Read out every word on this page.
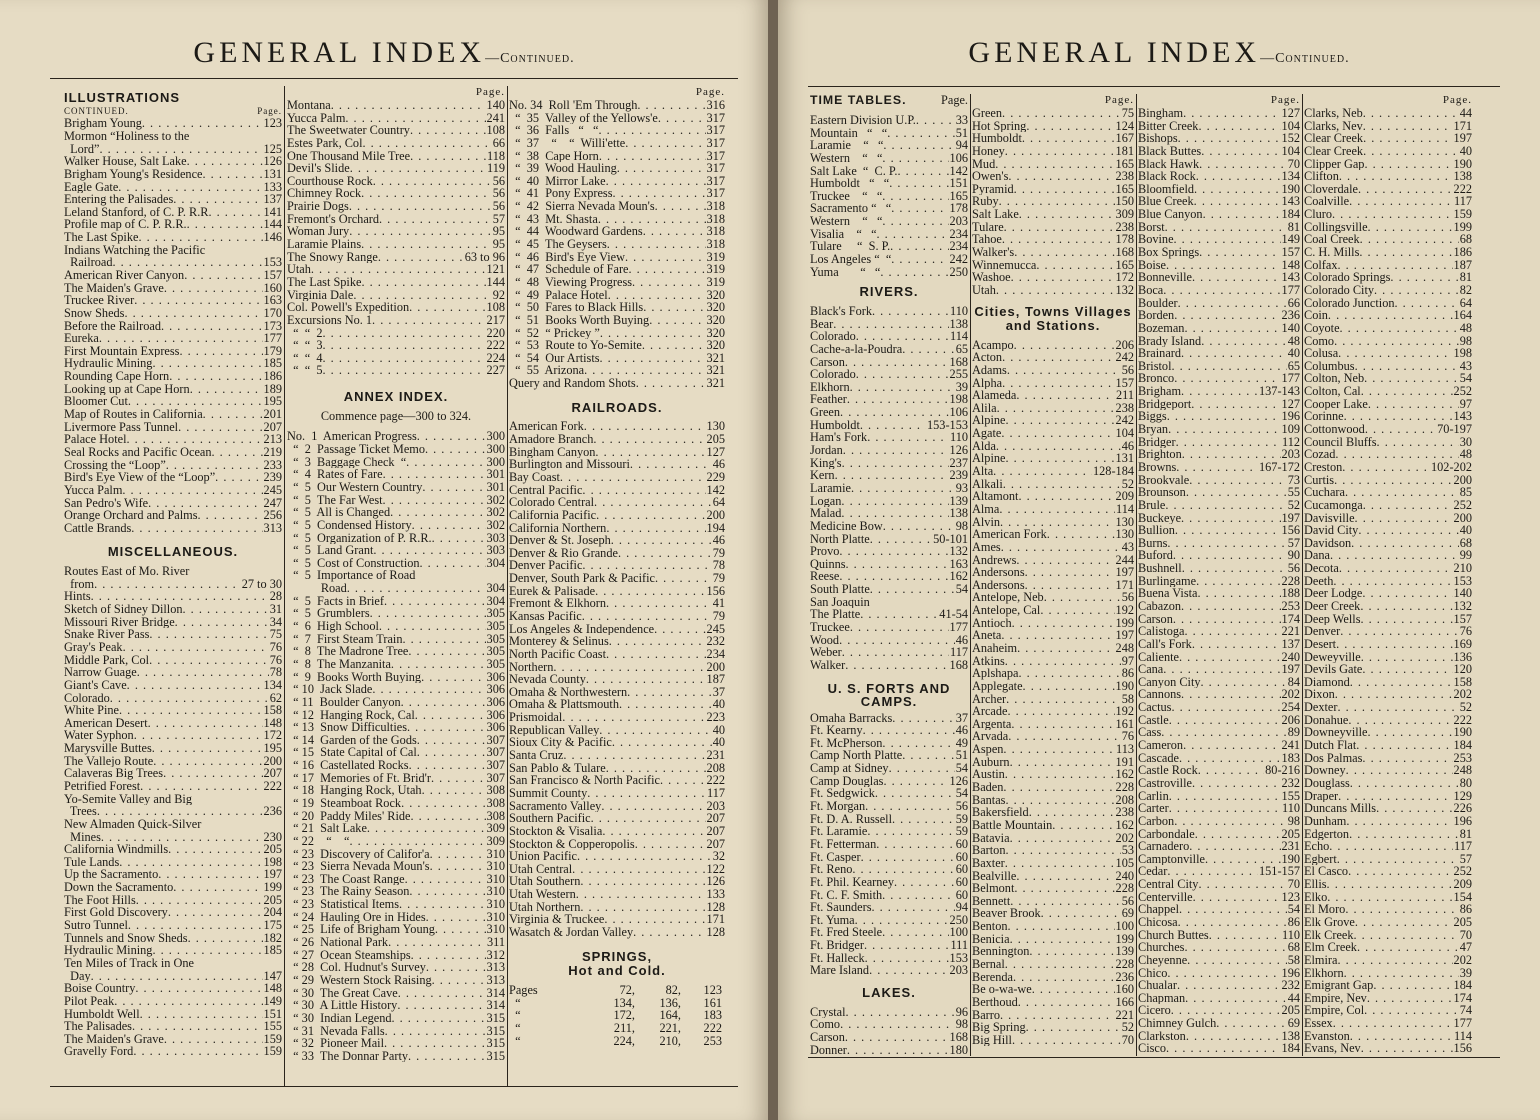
GENERAL INDEX—Continued.
ILLUSTRATIONS
CONTINUED.	Page.
Brigham Young . . .	123
Mormon “Holiness to the
Lord” . . .	125
Walker House, Salt Lake . . .	126
Brigham Young's Residence . . .	131
Eagle Gate . . .	133
Entering the Palisades . . .	137
Leland Stanford, of C. P. R.R . . .	141
Profile map of C. P. R.R. . . .	144
The Last Spike . . .	146
Indians Watching the Pacific
Railroad . . .	153
American River Canyon . . .	157
The Maiden's Grave . . .	160
Truckee River . . .	163
Snow Sheds . . .	170
Before the Railroad . . .	173
Eureka . . .	177
First Mountain Express . . .	179
Hydraulic Mining . . .	185
Rounding Cape Horn . . .	186
Looking up at Cape Horn . . .	189
Bloomer Cut . . .	195
Map of Routes in California . . .	201
Livermore Pass Tunnel . . .	207
Palace Hotel . . .	213
Seal Rocks and Pacific Ocean . . .	219
Crossing the “Loop” . . .	233
Bird's Eye View of the “Loop” . . .	239
Yucca Palm . . .	245
San Pedro's Wife . . .	247
Orange Orchard and Palms . . .	256
Cattle Brands . . .	313
MISCELLANEOUS.
Routes East of Mo. River
from . . .	27 to 30
Hints . . .	28
Sketch of Sidney Dillon . . .	31
Missouri River Bridge . . .	34
Snake River Pass . . .	75
Gray's Peak . . .	76
Middle Park, Col . . .	76
Narrow Guage . . .	78
Giant's Cave . . .	134
Colorado . . .	62
White Pine . . .	158
American Desert . . .	148
Water Syphon . . .	172
Marysville Buttes . . .	195
The Vallejo Route . . .	200
Calaveras Big Trees . . .	207
Petrified Forest . . .	222
Yo-Semite Valley and Big
Trees . . .	236
New Almaden Quick-Silver
Mines . . .	230
California Windmills . . .	205
Tule Lands . . .	198
Up the Sacramento . . .	197
Down the Sacramento . . .	199
The Foot Hills . . .	205
First Gold Discovery . . .	204
Sutro Tunnel . . .	175
Tunnels and Snow Sheds . . .	182
Hydraulic Mining . . .	185
Ten Miles of Track in One
Day . . .	147
Boise Country . . .	148
Pilot Peak . . .	149
Humboldt Well . . .	151
The Palisades . . .	155
The Maiden's Grave . . .	159
Gravelly Ford . . .	159
Page.
Montana . . .	140
Yucca Palm . . .	241
The Sweetwater Country . . .	108
Estes Park, Col . . .	66
One Thousand Mile Tree . . .	118
Devil's Slide . . .	119
Courthouse Rock . . .	56
Chimney Rock . . .	56
Prairie Dogs . . .	56
Fremont's Orchard . . .	57
Woman Jury . . .	95
Laramie Plains . . .	95
The Snowy Range . . .	63 to 96
Utah . . .	121
The Last Spike . . .	144
Virginia Dale . . .	92
Col. Powell's Expedition . . .	108
Excursions No. 1 . . .	217
“  “  2 . . .	220
“  “  3 . . .	222
“  “  4 . . .	224
“  “  5 . . .	227
ANNEX INDEX.
Commence page—300 to 324.
No.  1  American Progress . . .	300
“  2  Passage Ticket Memo . . .	300
“  3  Baggage Check  “ . . .	300
“  4  Rates of Fare . . .	301
“  5  Our Western Country . . .	301
“  5  The Far West . . .	302
“  5  All is Changed . . .	302
“  5  Condensed History . . .	302
“  5  Organization of P. R.R. . . .	303
“  5  Land Grant . . .	303
“  5  Cost of Construction . . .	304
“  5  Importance of Road
Road . . .	304
“  5  Facts in Brief . . .	304
“  5  Grumblers . . .	305
“  6  High School . . .	305
“  7  First Steam Train . . .	305
“  8  The Madrone Tree . . .	305
“  8  The Manzanita . . .	305
“  9  Books Worth Buying . . .	306
“ 10  Jack Slade . . .	306
“ 11  Boulder Canyon . . .	306
“ 12  Hanging Rock, Cal . . .	306
“ 13  Snow Difficulties . . .	306
“ 14  Garden of the Gods . . .	307
“ 15  State Capital of Cal . . .	307
“ 16  Castellated Rocks . . .	307
“ 17  Memories of Ft. Brid'r . . .	307
“ 18  Hanging Rock, Utah . . .	308
“ 19  Steamboat Rock . . .	308
“ 20  Paddy Miles' Ride . . .	308
“ 21  Salt Lake . . .	309
“ 22    “    “ . . .	309
“ 23  Discovery of Califor'a . . .	310
“ 23  Sierra Nevada Moun's . . .	310
“ 23  The Coast Range . . .	310
“ 23  The Rainy Season . . .	310
“ 23  Statistical Items . . .	310
“ 24  Hauling Ore in Hides . . .	310
“ 25  Life of Brigham Young . . .	310
“ 26  National Park . . .	311
“ 27  Ocean Steamships . . .	312
“ 28  Col. Hudnut's Survey . . .	313
“ 29  Western Stock Raising . . .	313
“ 30  The Great Cave . . .	314
“ 30  A Little History . . .	314
“ 30  Indian Legend . . .	315
“ 31  Nevada Falls . . .	315
“ 32  Pioneer Mail . . .	315
“ 33  The Donnar Party . . .	315
Page.
No. 34  Roll 'Em Through . . .	316
“  35  Valley of the Yellows'e . . .	317
“  36  Falls   “   “ . . .	317
“  37    “    “  Willi'ette . . .	317
“  38  Cape Horn . . .	317
“  39  Wood Hauling . . .	317
“  40  Mirror Lake . . .	317
“  41  Pony Express . . .	317
“  42  Sierra Nevada Moun's . . .	318
“  43  Mt. Shasta . . .	318
“  44  Woodward Gardens . . .	318
“  45  The Geysers . . .	318
“  46  Bird's Eye View . . .	319
“  47  Schedule of Fare . . .	319
“  48  Viewing Progress . . .	319
“  49  Palace Hotel . . .	320
“  50  Fares to Black Hills . . .	320
“  51  Books Worth Buying . . .	320
“  52  “ Prickey ” . . .	320
“  53  Route to Yo-Semite . . .	320
“  54  Our Artists . . .	321
“  55  Arizona . . .	321
Query and Random Shots . . .	321
RAILROADS.
American Fork . . .	130
Amadore Branch . . .	205
Bingham Canyon . . .	127
Burlington and Missouri . . .	46
Bay Coast . . .	229
Central Pacific . . .	142
Colorado Central . . .	64
California Pacific . . .	200
California Northern . . .	194
Denver & St. Joseph . . .	46
Denver & Rio Grande . . .	79
Denver Pacific . . .	78
Denver, South Park & Pacific . . .	79
Eurek & Palisade . . .	156
Fremont & Elkhorn . . .	41
Kansas Pacific . . .	79
Los Angeles & Independence . . .	245
Monterey & Selinus . . .	232
North Pacific Coast . . .	234
Northern . . .	200
Nevada County . . .	187
Omaha & Northwestern . . .	37
Omaha & Plattsmouth . . .	40
Prismoidal . . .	223
Republican Valley . . .	40
Sioux City & Pacific . . .	40
Santa Cruz . . .	231
San Pablo & Tulare . . .	208
San Francisco & North Pacific . . .	222
Summit County . . .	117
Sacramento Valley . . .	203
Southern Pacific . . .	207
Stockton & Visalia . . .	207
Stockton & Copperopolis . . .	207
Union Pacific . . .	32
Utah Central . . .	122
Utah Southern . . .	126
Utah Western . . .	133
Utah Northern . . .	128
Virginia & Truckee . . .	171
Wasatch & Jordan Valley . . .	128
SPRINGS,
Hot and Cold.
Pages	72,	82,	123
“	134,	136,	161
“	172,	164,	183
“	211,	221,	222
“	224,	210,	253
GENERAL INDEX—Continued.
TIME TABLES.	Page.
Eastern Division U.P. . . .	33
Mountain   “   “ . . .	51
Laramie    “   “ . . .	94
Western    “   “ . . .	106
Salt Lake  “  C. P. . . .	142
Humboldt   “   “ . . .	151
Truckee    “   “ . . .	165
Sacramento “   “ . . .	178
Western    “   “ . . .	203
Visalia    “   “ . . .	234
Tulare     “  S. P. . . .	234
Los Angeles “  “ . . .	242
Yuma       “   “ . . .	250
RIVERS.
Black's Fork . . .	110
Bear . . .	138
Colorado . . .	114
Cache-a-la-Poudra . . .	65
Carson . . .	168
Colorado . . .	255
Elkhorn . . .	39
Feather . . .	198
Green . . .	106
Humboldt . . .	153-153
Ham's Fork . . .	110
Jordan . . .	126
King's . . .	237
Kern . . .	239
Laramie . . .	93
Logan . . .	139
Malad . . .	138
Medicine Bow . . .	98
North Platte . . .	50-101
Provo . . .	132
Quinns . . .	163
Reese . . .	162
South Platte . . .	54
San Joaquin
The Platte . . .	41-54
Truckee . . .	177
Wood . . .	46
Weber . . .	117
Walker . . .	168
U. S. FORTS AND CAMPS.
Omaha Barracks . . .	37
Ft. Kearny . . .	46
Ft. McPherson . . .	49
Camp North Platte . . .	51
Camp at Sidney . . .	54
Camp Douglas . . .	126
Ft. Sedgwick . . .	54
Ft. Morgan . . .	56
Ft. D. A. Russell . . .	59
Ft. Laramie . . .	59
Ft. Fetterman . . .	60
Ft. Casper . . .	60
Ft. Reno . . .	60
Ft. Phil. Kearney . . .	60
Ft. C. F. Smith . . .	60
Ft. Saunders . . .	94
Ft. Yuma . . .	250
Ft. Fred Steele . . .	100
Ft. Bridger . . .	111
Ft. Halleck . . .	153
Mare Island . . .	203
LAKES.
Crystal . . .	96
Como . . .	98
Carson . . .	168
Donner . . .	180
Page.
Green . . .	75
Hot Spring . . .	124
Humboldt . . .	167
Honey . . .	181
Mud . . .	165
Owen's . . .	238
Pyramid . . .	165
Ruby . . .	150
Salt Lake . . .	309
Tulare . . .	238
Tahoe . . .	178
Walker's . . .	168
Winnemucca . . .	165
Washoe . . .	172
Utah . . .	132
Cities, Towns Villages and Stations.
Acampo . . .	206
Acton . . .	242
Adams . . .	56
Alpha . . .	157
Alameda . . .	211
Alila . . .	238
Alpine . . .	242
Agate . . .	104
Alda . . .	46
Alpine . . .	131
Alta . . .	128-184
Alkali . . .	52
Altamont . . .	209
Alma . . .	114
Alvin . . .	130
American Fork . . .	130
Ames . . .	43
Andrews . . .	244
Andersons . . .	197
Andersons . . .	171
Antelope, Neb . . .	56
Antelope, Cal . . .	192
Antioch . . .	199
Aneta . . .	197
Anaheim . . .	248
Atkins . . .	97
Aplshapa . . .	86
Applegate . . .	190
Archer . . .	58
Arcade . . .	192
Argenta . . .	161
Arvada . . .	76
Aspen . . .	113
Auburn . . .	191
Austin . . .	162
Baden . . .	228
Bantas . . .	208
Bakersfield . . .	238
Battle Mountain . . .	162
Batavia . . .	202
Barton . . .	53
Baxter . . .	105
Bealville . . .	240
Belmont . . .	228
Bennett . . .	56
Beaver Brook . . .	69
Benton . . .	100
Benicia . . .	199
Bennington . . .	139
Bernal . . .	228
Berenda . . .	236
Be o-wa-we . . .	160
Berthoud . . .	166
Barro . . .	221
Big Spring . . .	52
Big Hill . . .	70
Page.
Bingham . . .	127
Bitter Creek . . .	104
Bishops . . .	152
Black Buttes . . .	104
Black Hawk . . .	70
Black Rock . . .	134
Bloomfield . . .	190
Blue Creek . . .	143
Blue Canyon . . .	184
Borst . . .	81
Bovine . . .	149
Box Springs . . .	157
Boise . . .	148
Bonneville . . .	143
Boca . . .	177
Boulder . . .	66
Borden . . .	236
Bozeman . . .	140
Brady Island . . .	48
Brainard . . .	40
Bristol . . .	65
Bronco . . .	177
Brigham . . .	137-143
Bridgeport . . .	127
Biggs . . .	196
Bryan . . .	109
Bridger . . .	112
Brighton . . .	203
Browns . . .	167-172
Brookvale . . .	73
Brounson . . .	55
Brule . . .	52
Buckeye . . .	197
Bullion . . .	156
Burns . . .	57
Buford . . .	90
Bushnell . . .	56
Burlingame . . .	228
Buena Vista . . .	188
Cabazon . . .	253
Carson . . .	174
Calistoga . . .	221
Call's Fork . . .	137
Caliente . . .	240
Cana . . .	197
Canyon City . . .	84
Cannons . . .	202
Cactus . . .	254
Castle . . .	206
Cass . . .	89
Cameron . . .	241
Cascade . . .	183
Castle Rock . . .	80-216
Castroville . . .	232
Carlin . . .	155
Carter . . .	110
Carbon . . .	98
Carbondale . . .	205
Carnadero . . .	231
Camptonville . . .	190
Cedar . . .	151-157
Central City . . .	70
Centerville . . .	123
Chappel . . .	54
Chicosa . . .	86
Church Buttes . . .	110
Churches . . .	68
Cheyenne . . .	58
Chico . . .	196
Chualar . . .	232
Chapman . . .	44
Cicero . . .	205
Chimney Gulch . . .	69
Clarkston . . .	138
Cisco . . .	184
Page.
Clarks, Neb . . .	44
Clarks, Nev . . .	171
Clear Creek . . .	197
Clear Creek . . .	40
Clipper Gap . . .	190
Clifton . . .	138
Cloverdale . . .	222
Coalville . . .	117
Cluro . . .	159
Collingsville . . .	199
Coal Creek . . .	68
C. H. Mills . . .	186
Colfax . . .	187
Colorado Springs . . .	81
Colorado City . . .	82
Colorado Junction . . .	64
Coin . . .	164
Coyote . . .	48
Como . . .	98
Colusa . . .	198
Columbus . . .	43
Colton, Neb . . .	54
Colton, Cal . . .	252
Cooper Lake . . .	97
Corinne . . .	143
Cottonwood . . .	70-197
Council Bluffs . . .	30
Cozad . . .	48
Creston . . .	102-202
Curtis . . .	200
Cuchara . . .	85
Cucamonga . . .	252
Davisville . . .	200
David City . . .	40
Davidson . . .	68
Dana . . .	99
Decota . . .	210
Deeth . . .	153
Deer Lodge . . .	140
Deer Creek . . .	132
Deep Wells . . .	157
Denver . . .	76
Desert . . .	169
Deweyville . . .	136
Devils Gate . . .	120
Diamond . . .	158
Dixon . . .	202
Dexter . . .	52
Donahue . . .	222
Downeyville . . .	190
Dutch Flat . . .	184
Dos Palmas . . .	253
Downey . . .	248
Douglass . . .	80
Draper . . .	129
Duncans Mills . . .	226
Dunham . . .	196
Edgerton . . .	81
Echo . . .	117
Egbert . . .	57
El Casco . . .	252
Ellis . . .	209
Elko . . .	154
El Moro . . .	86
Elk Grove . . .	205
Elk Creek . . .	70
Elm Creek . . .	47
Elmira . . .	202
Elkhorn . . .	39
Emigrant Gap . . .	184
Empire, Nev . . .	174
Empire, Col . . .	74
Essex . . .	177
Evanston . . .	114
Evans, Nev . . .	156
